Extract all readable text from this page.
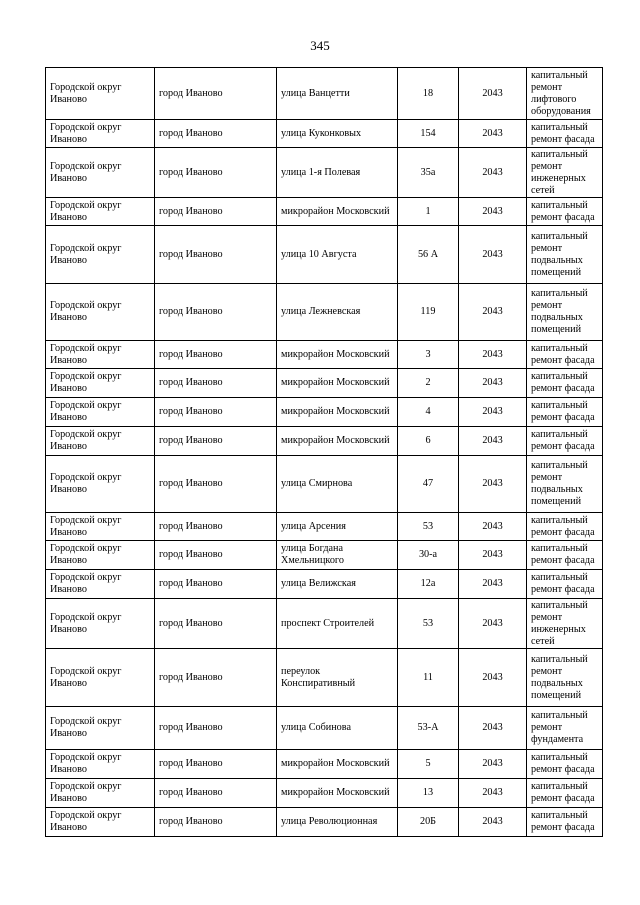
345
Городской округ Иваново	город Иваново	улица Ванцетти	18	2043	капитальный ремонт лифтового оборудования
Городской округ Иваново	город Иваново	улица Куконковых	154	2043	капитальный ремонт фасада
Городской округ Иваново	город Иваново	улица 1-я Полевая	35а	2043	капитальный ремонт инженерных сетей
Городской округ Иваново	город Иваново	микрорайон Московский	1	2043	капитальный ремонт фасада
Городской округ Иваново	город Иваново	улица 10 Августа	56 А	2043	капитальный ремонт подвальных помещений
Городской округ Иваново	город Иваново	улица Лежневская	119	2043	капитальный ремонт подвальных помещений
Городской округ Иваново	город Иваново	микрорайон Московский	3	2043	капитальный ремонт фасада
Городской округ Иваново	город Иваново	микрорайон Московский	2	2043	капитальный ремонт фасада
Городской округ Иваново	город Иваново	микрорайон Московский	4	2043	капитальный ремонт фасада
Городской округ Иваново	город Иваново	микрорайон Московский	6	2043	капитальный ремонт фасада
Городской округ Иваново	город Иваново	улица Смирнова	47	2043	капитальный ремонт подвальных помещений
Городской округ Иваново	город Иваново	улица Арсения	53	2043	капитальный ремонт фасада
Городской округ Иваново	город Иваново	улица Богдана Хмельницкого	30-а	2043	капитальный ремонт фасада
Городской округ Иваново	город Иваново	улица Велижская	12а	2043	капитальный ремонт фасада
Городской округ Иваново	город Иваново	проспект Строителей	53	2043	капитальный ремонт инженерных сетей
Городской округ Иваново	город Иваново	переулок Конспиративный	11	2043	капитальный ремонт подвальных помещений
Городской округ Иваново	город Иваново	улица Собинова	53-А	2043	капитальный ремонт фундамента
Городской округ Иваново	город Иваново	микрорайон Московский	5	2043	капитальный ремонт фасада
Городской округ Иваново	город Иваново	микрорайон Московский	13	2043	капитальный ремонт фасада
Городской округ Иваново	город Иваново	улица Революционная	20Б	2043	капитальный ремонт фасада
